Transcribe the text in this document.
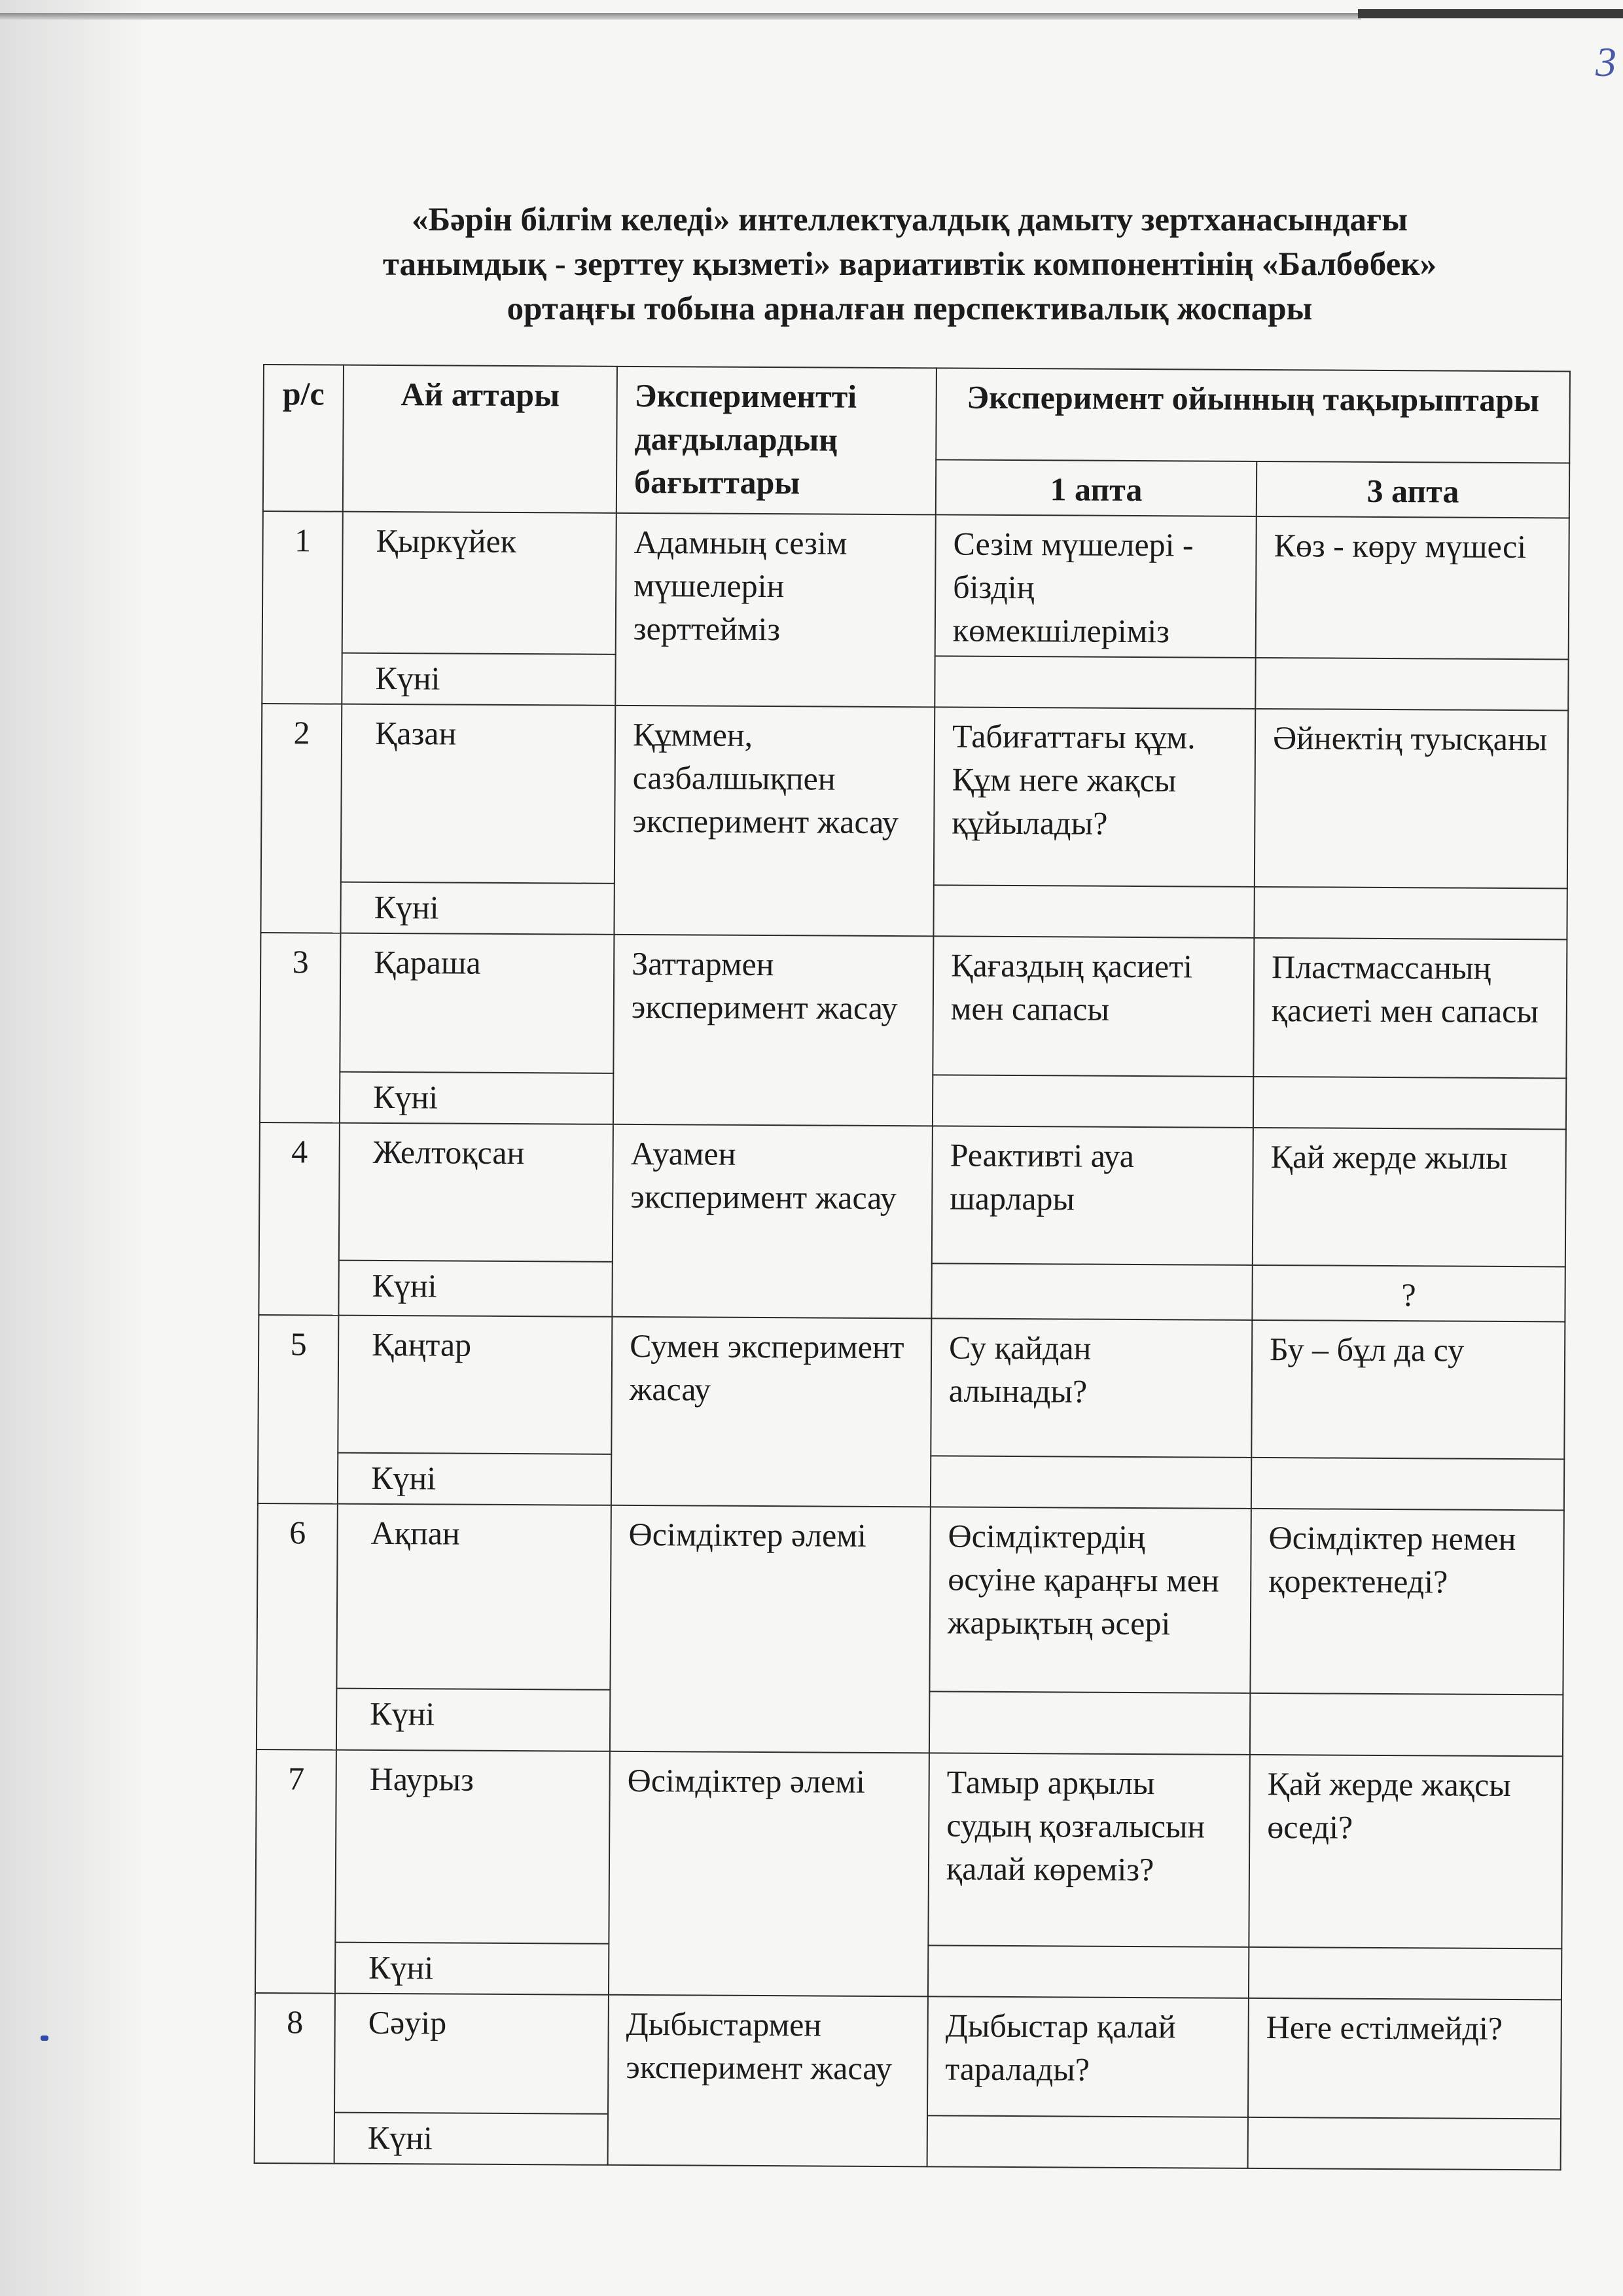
3
«Бәрін білгім келеді» интеллектуалдық дамыту зертханасындағы
танымдық - зерттеу қызметі» вариативтік компонентінің «Балбөбек»
ортаңғы тобына арналған перспективалық жоспары
р/с	Ай аттары	Экспериментті дағдылардың бағыттары	Эксперимент ойынның тақырыптары	
			1 апта	3 апта
1	Қыркүйек	Адамның сезім мүшелерін зерттейміз	Сезім мүшелері - біздің көмекшілеріміз	Көз - көру мүшесі
	Күні			
2	Қазан	Құммен, сазбалшықпен эксперимент жасау	Табиғаттағы құм. Құм неге жақсы құйылады?	Әйнектің туысқаны
	Күні			
3	Қараша	Заттармен эксперимент жасау	Қағаздың қасиеті мен сапасы	Пластмассаның қасиеті мен сапасы
	Күні			
4	Желтоқсан	Ауамен эксперимент жасау	Реактивті ауа шарлары	Қай жерде жылы
	Күні			?
5	Қаңтар	Сумен эксперимент жасау	Су қайдан алынады?	Бу – бұл да су
	Күні			
6	Ақпан	Өсімдіктер әлемі	Өсімдіктердің өсуіне қараңғы мен жарықтың әсері	Өсімдіктер немен қоректенеді?
	Күні			
7	Наурыз	Өсімдіктер әлемі	Тамыр арқылы судың қозғалысын қалай көреміз?	Қай жерде жақсы өседі?
	Күні			
8	Сәуір	Дыбыстармен эксперимент жасау	Дыбыстар қалай таралады?	Неге естілмейді?
	Күні			
